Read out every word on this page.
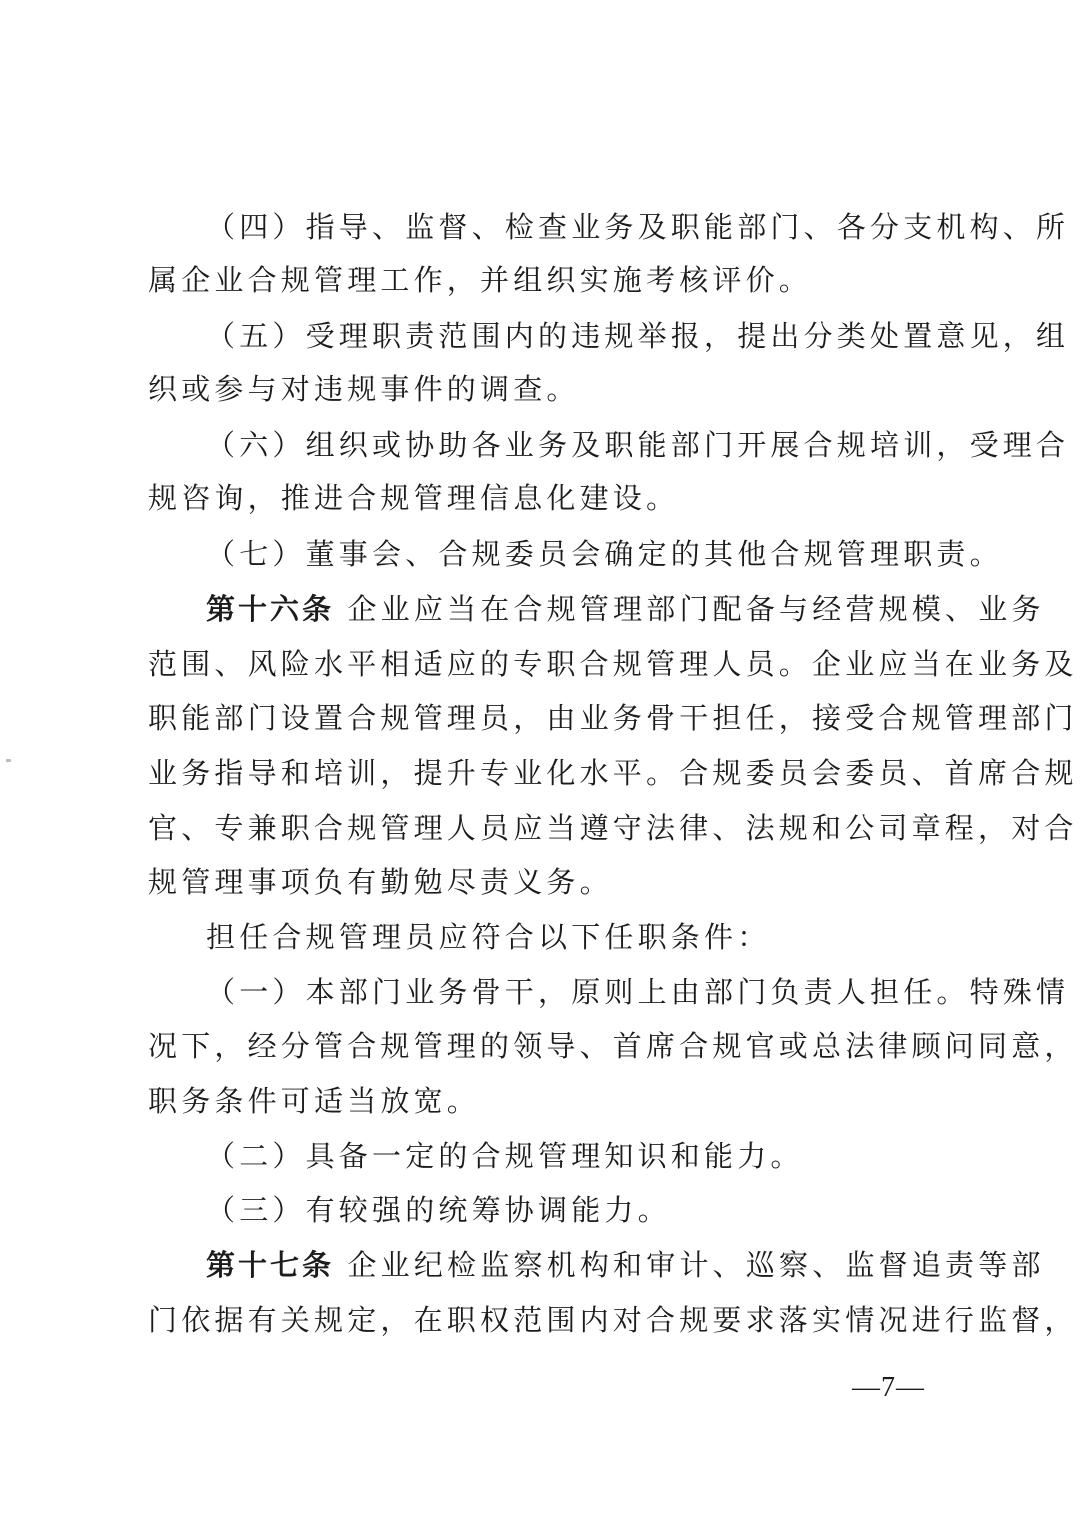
（四）指导、监督、检查业务及职能部门、各分支机构、所
属企业合规管理工作，并组织实施考核评价。
（五）受理职责范围内的违规举报，提出分类处置意见，组
织或参与对违规事件的调查。
（六）组织或协助各业务及职能部门开展合规培训，受理合
规咨询，推进合规管理信息化建设。
（七）董事会、合规委员会确定的其他合规管理职责。
第十六条 企业应当在合规管理部门配备与经营规模、业务
范围、风险水平相适应的专职合规管理人员。企业应当在业务及
职能部门设置合规管理员，由业务骨干担任，接受合规管理部门
业务指导和培训，提升专业化水平。合规委员会委员、首席合规
官、专兼职合规管理人员应当遵守法律、法规和公司章程，对合
规管理事项负有勤勉尽责义务。
担任合规管理员应符合以下任职条件：
（一）本部门业务骨干，原则上由部门负责人担任。特殊情
况下，经分管合规管理的领导、首席合规官或总法律顾问同意，
职务条件可适当放宽。
（二）具备一定的合规管理知识和能力。
（三）有较强的统筹协调能力。
第十七条 企业纪检监察机构和审计、巡察、监督追责等部
门依据有关规定，在职权范围内对合规要求落实情况进行监督，
—7—
